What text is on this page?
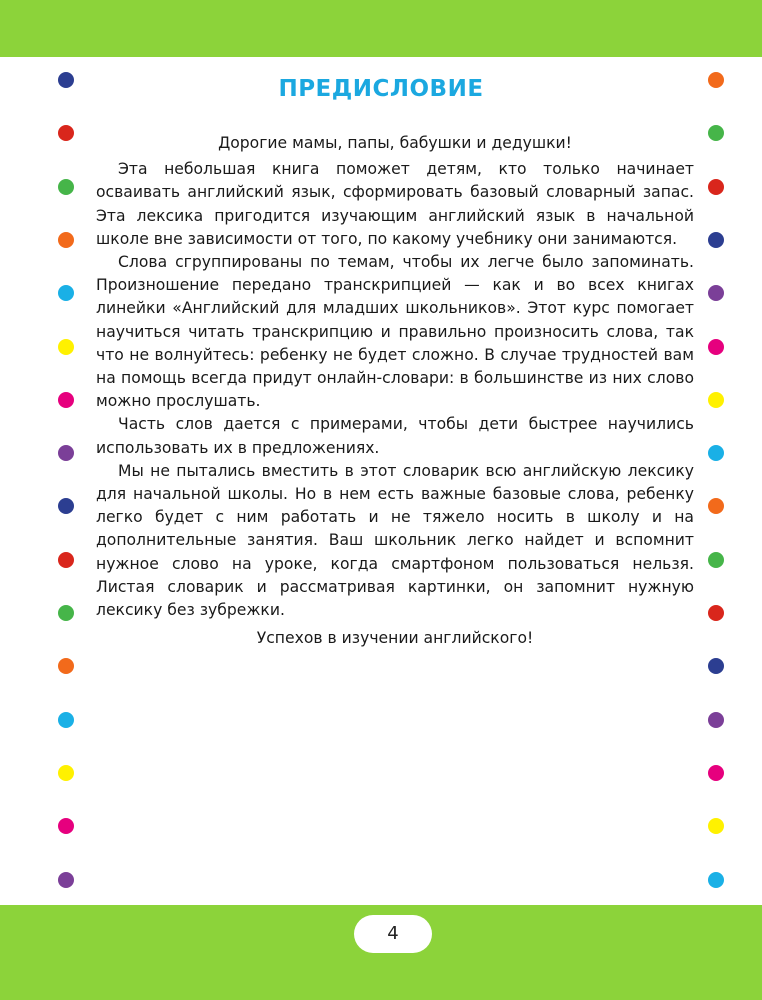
ПРЕДИСЛОВИЕ

Дорогие мамы, папы, бабушки и дедушки!

Эта небольшая книга поможет детям, кто только начинает осваивать английский язык, сформировать базовый словарный запас. Эта лексика пригодится изучающим английский язык в начальной школе вне зависимости от того, по какому учебнику они занимаются.

Слова сгруппированы по темам, чтобы их легче было запоминать. Произношение передано транскрипцией — как и во всех книгах линейки «Английский для младших школьников». Этот курс помогает научиться читать транскрипцию и правильно произносить слова, так что не волнуйтесь: ребенку не будет сложно. В случае трудностей вам на помощь всегда придут онлайн-словари: в большинстве из них слово можно прослушать.

Часть слов дается с примерами, чтобы дети быстрее научились использовать их в предложениях.

Мы не пытались вместить в этот словарик всю английскую лексику для начальной школы. Но в нем есть важные базовые слова, ребенку легко будет с ним работать и не тяжело носить в школу и на дополнительные занятия. Ваш школьник легко найдет и вспомнит нужное слово на уроке, когда смартфоном пользоваться нельзя. Листая словарик и рассматривая картинки, он запомнит нужную лексику без зубрежки.

Успехов в изучении английского!

4
